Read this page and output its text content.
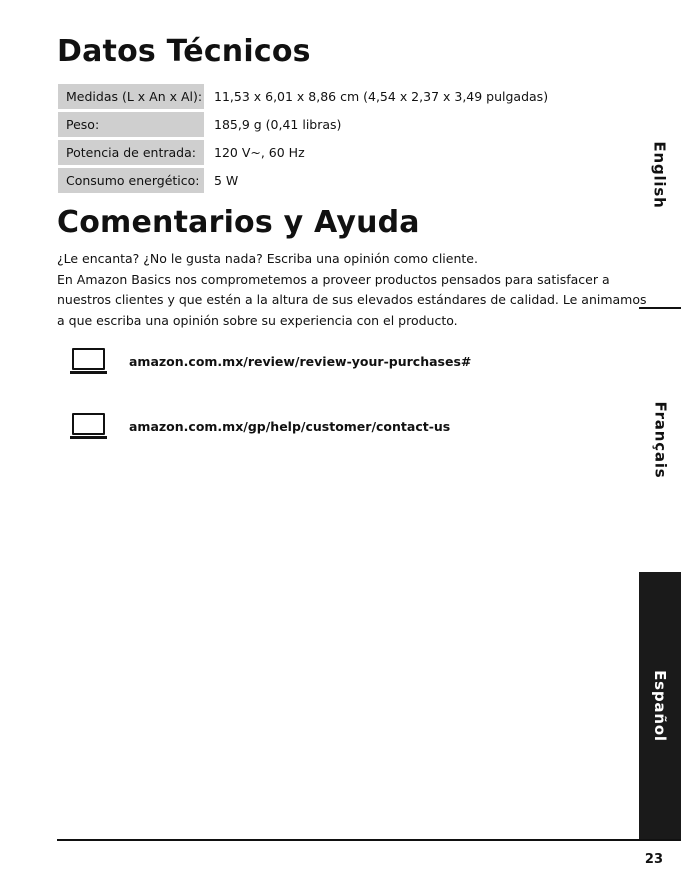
Datos Técnicos
Medidas (L x An x Al): 11,53 x 6,01 x 8,86 cm (4,54 x 2,37 x 3,49 pulgadas)
Peso:	185,9 g (0,41 libras)
Potencia de entrada:	120 V~, 60 Hz
Consumo energético:	5 W
Comentarios y Ayuda
¿Le encanta? ¿No le gusta nada? Escriba una opinión como cliente.
En Amazon Basics nos comprometemos a proveer productos pensados para satisfacer a
nuestros clientes y que estén a la altura de sus elevados estándares de calidad. Le animamos
a que escriba una opinión sobre su experiencia con el producto.
amazon.com.mx/review/review-your-purchases#
amazon.com.mx/gp/help/customer/contact-us
English
Français
Español
23
